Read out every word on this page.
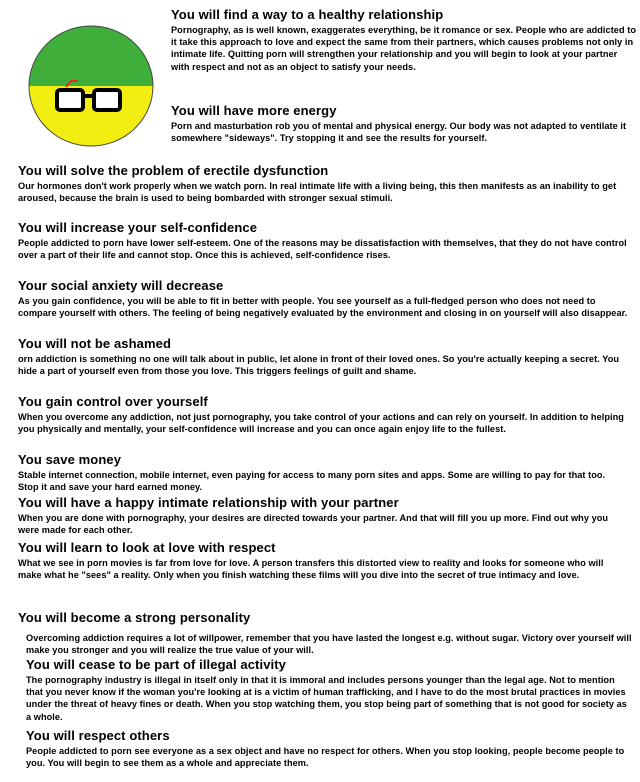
You will find a way to a healthy relationship

Pornography, as is well known, exaggerates everything, be it romance or sex. People who are addicted to it take this approach to love and expect the same from their partners, which causes problems not only in intimate life. Quitting porn will strengthen your relationship and you will begin to look at your partner with respect and not as an object to satisfy your needs.

You will have more energy

Porn and masturbation rob you of mental and physical energy. Our body was not adapted to ventilate it somewhere "sideways". Try stopping it and see the results for yourself.

You will solve the problem of erectile dysfunction

Our hormones don't work properly when we watch porn. In real intimate life with a living being, this then manifests as an inability to get aroused, because the brain is used to being bombarded with stronger sexual stimuli.

You will increase your self-confidence

People addicted to porn have lower self-esteem. One of the reasons may be dissatisfaction with themselves, that they do not have control over a part of their life and cannot stop. Once this is achieved, self-confidence rises.

Your social anxiety will decrease

As you gain confidence, you will be able to fit in better with people. You see yourself as a full-fledged person who does not need to compare yourself with others. The feeling of being negatively evaluated by the environment and closing in on yourself will also disappear.

You will not be ashamed

orn addiction is something no one will talk about in public, let alone in front of their loved ones. So you're actually keeping a secret. You hide a part of yourself even from those you love. This triggers feelings of guilt and shame.

You gain control over yourself

When you overcome any addiction, not just pornography, you take control of your actions and can rely on yourself. In addition to helping you physically and mentally, your self-confidence will increase and you can once again enjoy life to the fullest.

You save money

Stable internet connection, mobile internet, even paying for access to many porn sites and apps. Some are willing to pay for that too. Stop it and save your hard earned money.

You will have a happy intimate relationship with your partner

When you are done with pornography, your desires are directed towards your partner. And that will fill you up more. Find out why you were made for each other.

You will learn to look at love with respect

What we see in porn movies is far from love for love. A person transfers this distorted view to reality and looks for someone who will make what he "sees" a reality. Only when you finish watching these films will you dive into the secret of true intimacy and love.

You will become a strong personality

Overcoming addiction requires a lot of willpower, remember that you have lasted the longest e.g. without sugar. Victory over yourself will make you stronger and you will realize the true value of your will.

You will cease to be part of illegal activity

The pornography industry is illegal in itself only in that it is immoral and includes persons younger than the legal age. Not to mention that you never know if the woman you're looking at is a victim of human trafficking, and I have to do the most brutal practices in movies under the threat of heavy fines or death. When you stop watching them, you stop being part of something that is not good for society as a whole.

You will respect others

People addicted to porn see everyone as a sex object and have no respect for others. When you stop looking, people become people to you. You will begin to see them as a whole and appreciate them.
